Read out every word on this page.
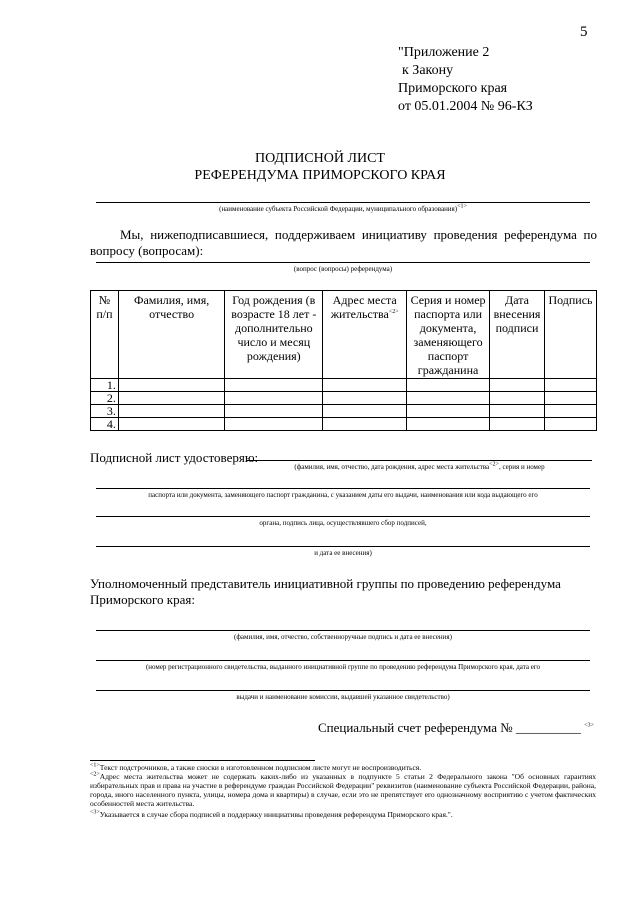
5
"Приложение 2
к Закону
Приморского края
от 05.01.2004 № 96-КЗ
ПОДПИСНОЙ ЛИСТ
РЕФЕРЕНДУМА ПРИМОРСКОГО КРАЯ
(наименование субъекта Российской Федерации, муниципального образования)$^{<1>}$
Мы, нижеподписавшиеся, поддерживаем инициативу проведения референдума по вопросу (вопросам):
(вопрос (вопросы) референдума)
№ п/п	Фамилия, имя, отчество	Год рождения (в возрасте 18 лет - дополнительно число и месяц рождения)	Адрес места жительства$^{<2>}$	Серия и номер паспорта или документа, заменяющего паспорт гражданина	Дата внесения подписи	Подпись
1.						
2.						
3.						
4.						
Подписной лист удостоверяю:
(фамилия, имя, отчество, дата рождения, адрес места жительства$^{<2>}$, серия и номер
паспорта или документа, заменяющего паспорт гражданина, с указанием даты его выдачи, наименования или кода выдающего его
органа, подпись лица, осуществлявшего сбор подписей,
и дата ее внесения)
Уполномоченный представитель инициативной группы по проведению референдума Приморского края:
(фамилия, имя, отчество, собственноручные подпись и дата ее внесения)
(номер регистрационного свидетельства, выданного инициативной группе по проведению референдума Приморского края, дата его
выдачи и наименование комиссии, выдавшей указанное свидетельство)
Специальный счет референдума № __________ $^{<3>}$
$^{<1>}$Текст подстрочников, а также сноски в изготовленном подписном листе могут не воспроизводиться.
$^{<2>}$Адрес места жительства может не содержать каких-либо из указанных в подпункте 5 статьи 2 Федерального закона "Об основных гарантиях избирательных прав и права на участие в референдуме граждан Российской Федерации" реквизитов (наименование субъекта Российской Федерации, района, города, иного населенного пункта, улицы, номера дома и квартиры) в случае, если это не препятствует его однозначному восприятию с учетом фактических особенностей места жительства.
$^{<3>}$Указывается в случае сбора подписей в поддержку инициативы проведения референдума Приморского края.".
